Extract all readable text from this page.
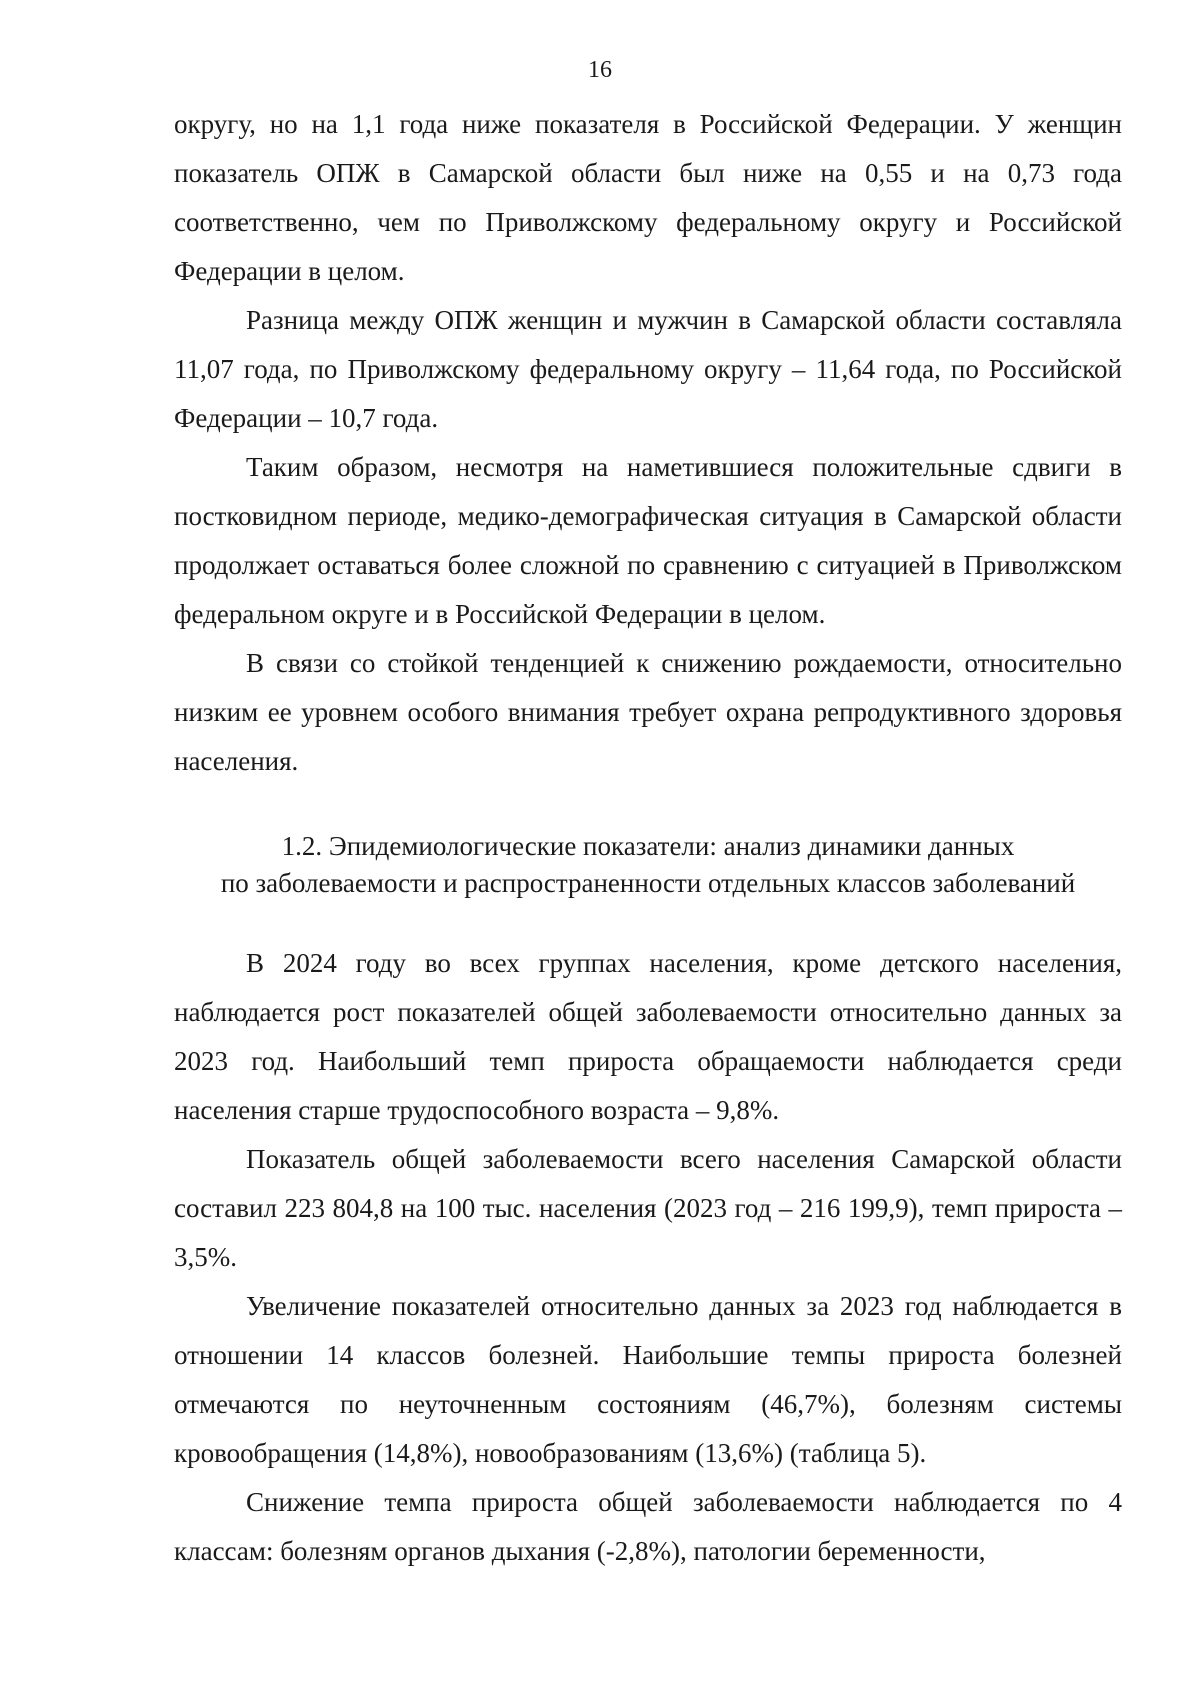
16

округу, но на 1,1 года ниже показателя в Российской Федерации. У женщин показатель ОПЖ в Самарской области был ниже на 0,55 и на 0,73 года соответственно, чем по Приволжскому федеральному округу и Российской Федерации в целом.

Разница между ОПЖ женщин и мужчин в Самарской области составляла 11,07 года, по Приволжскому федеральному округу – 11,64 года, по Российской Федерации – 10,7 года.

Таким образом, несмотря на наметившиеся положительные сдвиги в постковидном периоде, медико-демографическая ситуация в Самарской области продолжает оставаться более сложной по сравнению с ситуацией в Приволжском федеральном округе и в Российской Федерации в целом.

В связи со стойкой тенденцией к снижению рождаемости, относительно низким ее уровнем особого внимания требует охрана репродуктивного здоровья населения.

1.2. Эпидемиологические показатели: анализ динамики данных
по заболеваемости и распространенности отдельных классов заболеваний

В 2024 году во всех группах населения, кроме детского населения, наблюдается рост показателей общей заболеваемости относительно данных за 2023 год. Наибольший темп прироста обращаемости наблюдается среди населения старше трудоспособного возраста – 9,8%.

Показатель общей заболеваемости всего населения Самарской области составил 223 804,8 на 100 тыс. населения (2023 год – 216 199,9), темп прироста – 3,5%.

Увеличение показателей относительно данных за 2023 год наблюдается в отношении 14 классов болезней. Наибольшие темпы прироста болезней отмечаются по неуточненным состояниям (46,7%), болезням системы кровообращения (14,8%), новообразованиям (13,6%) (таблица 5).

Снижение темпа прироста общей заболеваемости наблюдается по 4 классам: болезням органов дыхания (-2,8%), патологии беременности,
